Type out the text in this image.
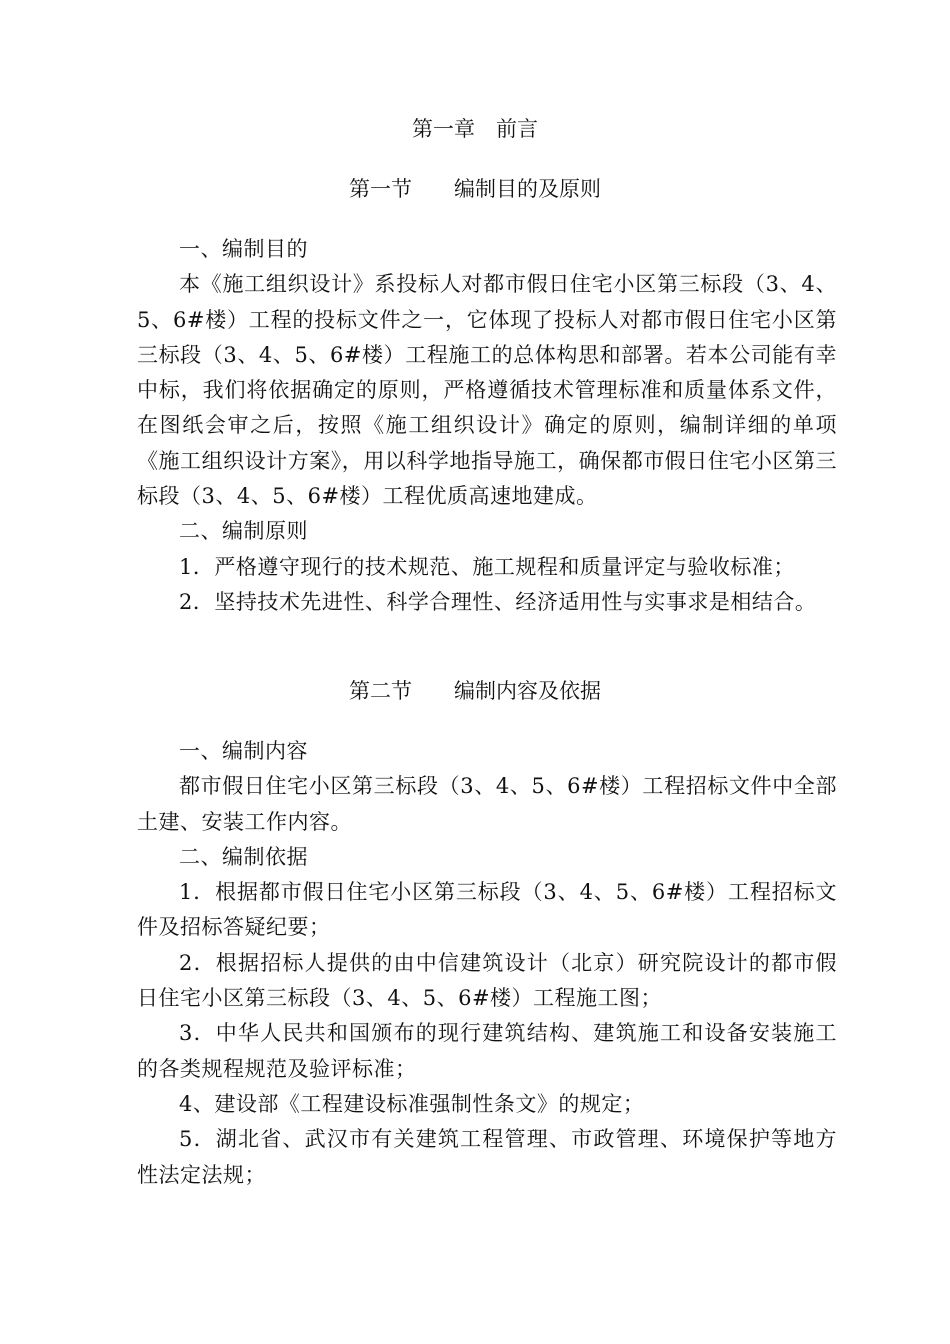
第一章　前言
第一节　　编制目的及原则

一、编制目的

本《施工组织设计》系投标人对都市假日住宅小区第三标段（3、4、5、6#楼）工程的投标文件之一，它体现了投标人对都市假日住宅小区第三标段（3、4、5、6#楼）工程施工的总体构思和部署。若本公司能有幸中标，我们将依据确定的原则，严格遵循技术管理标准和质量体系文件，在图纸会审之后，按照《施工组织设计》确定的原则，编制详细的单项《施工组织设计方案》，用以科学地指导施工，确保都市假日住宅小区第三标段（3、4、5、6#楼）工程优质高速地建成。

二、编制原则

1．严格遵守现行的技术规范、施工规程和质量评定与验收标准；

2．坚持技术先进性、科学合理性、经济适用性与实事求是相结合。

第二节　　编制内容及依据

一、编制内容

都市假日住宅小区第三标段（3、4、5、6#楼）工程招标文件中全部土建、安装工作内容。

二、编制依据

1．根据都市假日住宅小区第三标段（3、4、5、6#楼）工程招标文件及招标答疑纪要；

2．根据招标人提供的由中信建筑设计（北京）研究院设计的都市假日住宅小区第三标段（3、4、5、6#楼）工程施工图；

3．中华人民共和国颁布的现行建筑结构、建筑施工和设备安装施工的各类规程规范及验评标准；

4、建设部《工程建设标准强制性条文》的规定；

5．湖北省、武汉市有关建筑工程管理、市政管理、环境保护等地方性法定法规；
